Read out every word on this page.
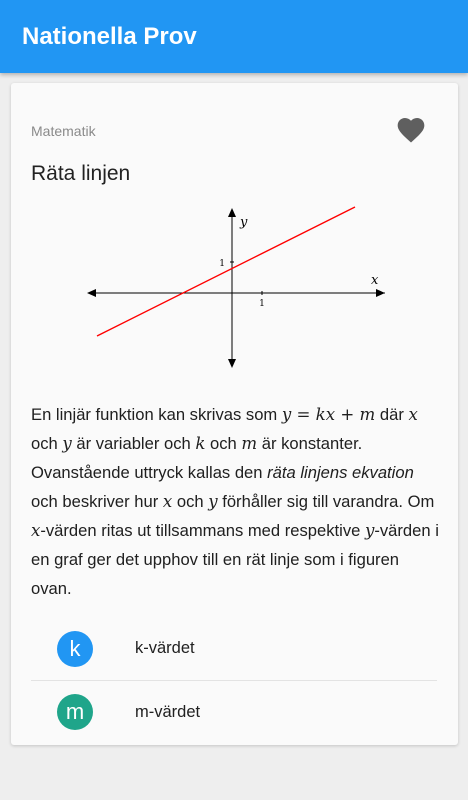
Nationella Prov
Matematik
Räta linjen
y
x
1
1
En linjär funktion kan skrivas som y = kx + m där x och y är variabler och k och m är konstanter. Ovanstående uttryck kallas den räta linjens ekvation och beskriver hur x och y förhåller sig till varandra. Om x-värden ritas ut tillsammans med respektive y-värden i en graf ger det upphov till en rät linje som i figuren ovan.
k	k-värdet
m	m-värdet
